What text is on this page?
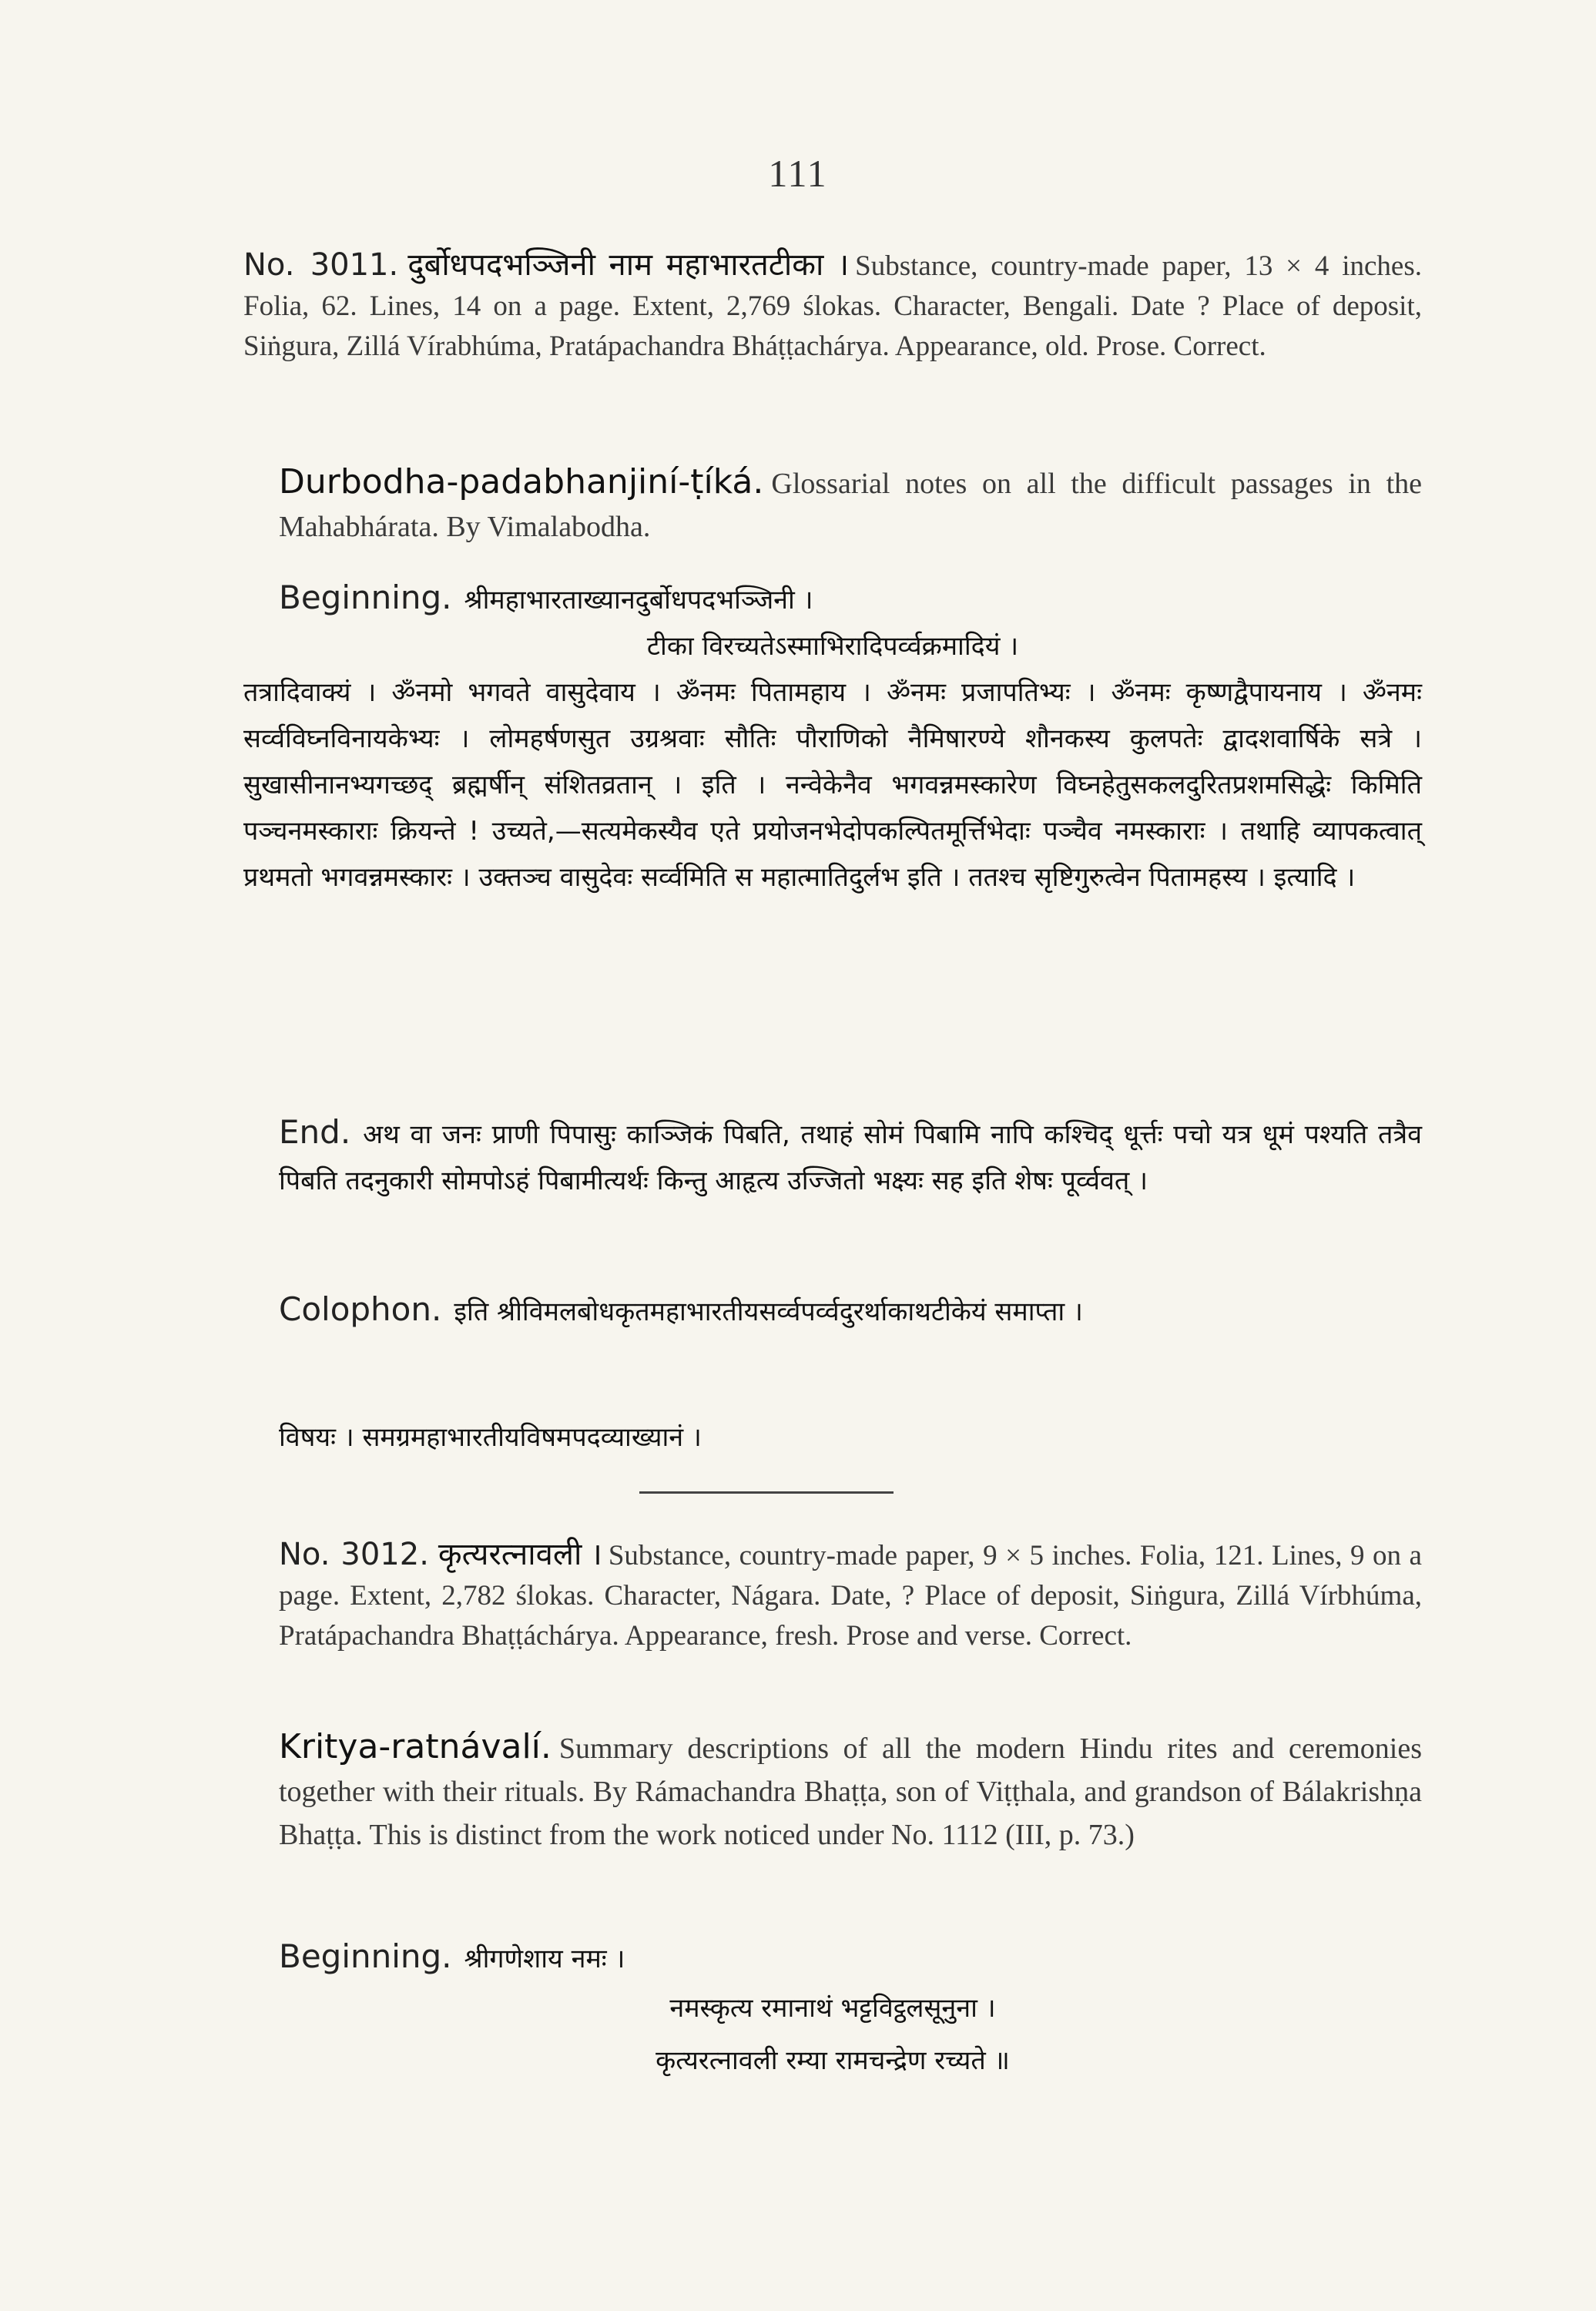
111
No. 3011. दुर्बोधपदभञ्जिनी नाम महाभारतटीका । Substance, country-made paper, 13 × 4 inches. Folia, 62. Lines, 14 on a page. Extent, 2,769 ślokas. Character, Bengali. Date ? Place of deposit, Siṅgura, Zillá Vírabhúma, Pratápachandra Bháṭṭachárya. Appearance, old. Prose. Correct.
Durbodha-padabhanjiní-ṭíká. Glossarial notes on all the difficult passages in the Mahabhárata. By Vimalabodha.
Beginning. श्रीमहाभारताख्यानदुर्बोधपदभञ्जिनी ।
टीका विरच्यतेऽस्माभिरादिपर्व्वक्रमादियं ।
तत्रादिवाक्यं । ॐनमो भगवते वासुदेवाय । ॐनमः पितामहाय । ॐनमः प्रजापतिभ्यः । ॐनमः कृष्णद्वैपायनाय । ॐनमः सर्व्वविघ्नविनायकेभ्यः । लोमहर्षणसुत उग्रश्रवाः सौतिः पौराणिको नैमिषारण्ये शौनकस्य कुलपतेः द्वादशवार्षिके सत्रे । सुखासीनानभ्यगच्छद् ब्रह्मर्षीन् संशितव्रतान् । इति । नन्वेकेनैव भगवन्नमस्कारेण विघ्नहेतुसकलदुरितप्रशमसिद्धेः किमिति पञ्चनमस्काराः क्रियन्ते ! उच्यते,—सत्यमेकस्यैव एते प्रयोजनभेदोपकल्पितमूर्त्तिभेदाः पञ्चैव नमस्काराः । तथाहि व्यापकत्वात् प्रथमतो भगवन्नमस्कारः । उक्तञ्च वासुदेवः सर्व्वमिति स महात्मातिदुर्लभ इति । ततश्च सृष्टिगुरुत्वेन पितामहस्य । इत्यादि ।
End. अथ वा जनः प्राणी पिपासुः काञ्जिकं पिबति, तथाहं सोमं पिबामि नापि कश्चिद् धूर्त्तः पचो यत्र धूमं पश्यति तत्रैव पिबति तदनुकारी सोमपोऽहं पिबामीत्यर्थः किन्तु आहृत्य उज्जितो भक्ष्यः सह इति शेषः पूर्व्ववत् ।
Colophon. इति श्रीविमलबोधकृतमहाभारतीयसर्व्वपर्व्वदुरर्थाकाथटीकेयं समाप्ता ।
विषयः । समग्रमहाभारतीयविषमपदव्याख्यानं ।
No. 3012. कृत्यरत्नावली । Substance, country-made paper, 9 × 5 inches. Folia, 121. Lines, 9 on a page. Extent, 2,782 ślokas. Character, Nágara. Date, ? Place of deposit, Siṅgura, Zillá Vírbhúma, Pratápachandra Bhaṭṭáchárya. Appearance, fresh. Prose and verse. Correct.
Kritya-ratnávalí. Summary descriptions of all the modern Hindu rites and ceremonies together with their rituals. By Rámachandra Bhaṭṭa, son of Viṭṭhala, and grandson of Bálakrishṇa Bhaṭṭa. This is distinct from the work noticed under No. 1112 (III, p. 73.)
Beginning. श्रीगणेशाय नमः ।
नमस्कृत्य रमानाथं भट्टविट्ठलसूनुना ।
कृत्यरत्नावली रम्या रामचन्द्रेण रच्यते ॥
